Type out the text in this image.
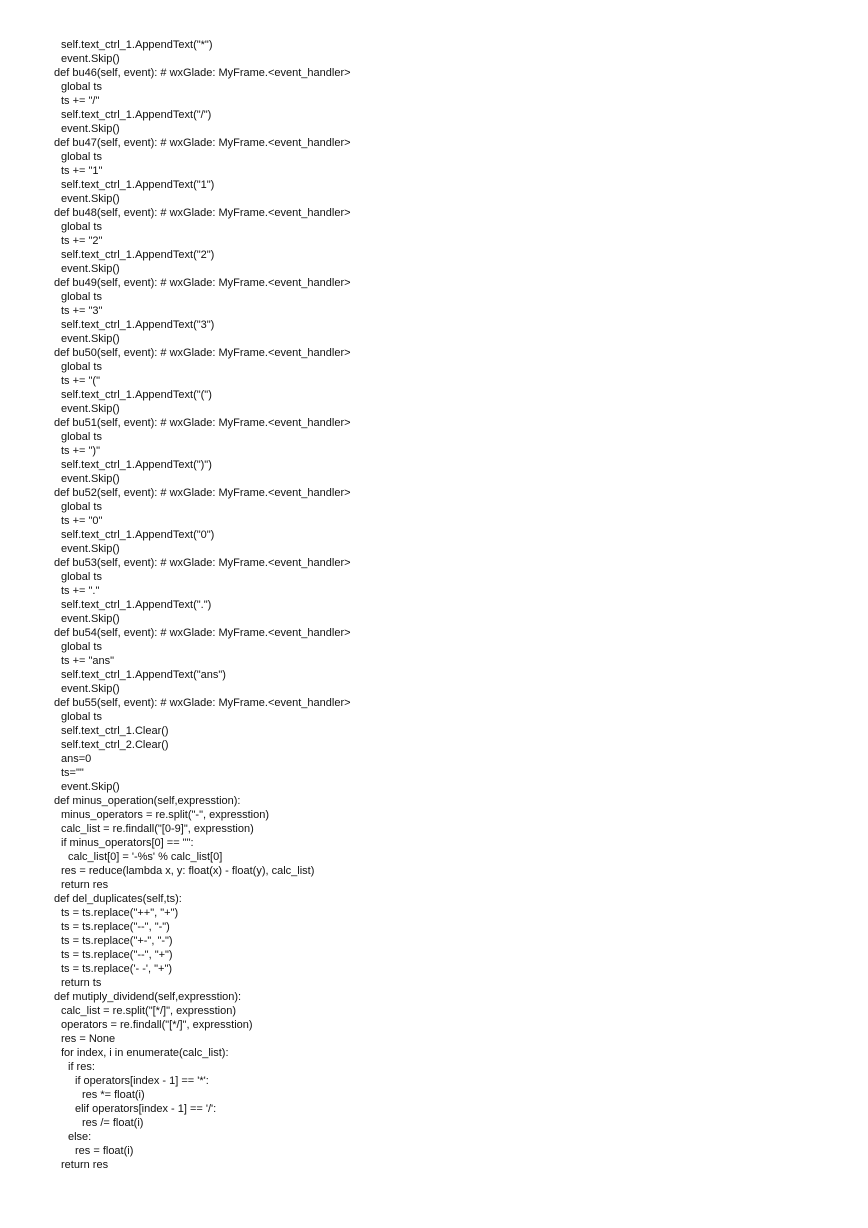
self.text_ctrl_1.AppendText("*")
event.Skip()
def bu46(self, event): # wxGlade: MyFrame.<event_handler>
global ts
ts += "/"
self.text_ctrl_1.AppendText("/")
event.Skip()
def bu47(self, event): # wxGlade: MyFrame.<event_handler>
global ts
ts += "1"
self.text_ctrl_1.AppendText("1")
event.Skip()
def bu48(self, event): # wxGlade: MyFrame.<event_handler>
global ts
ts += "2"
self.text_ctrl_1.AppendText("2")
event.Skip()
def bu49(self, event): # wxGlade: MyFrame.<event_handler>
global ts
ts += "3"
self.text_ctrl_1.AppendText("3")
event.Skip()
def bu50(self, event): # wxGlade: MyFrame.<event_handler>
global ts
ts += "("
self.text_ctrl_1.AppendText("(")
event.Skip()
def bu51(self, event): # wxGlade: MyFrame.<event_handler>
global ts
ts += ")"
self.text_ctrl_1.AppendText(")")
event.Skip()
def bu52(self, event): # wxGlade: MyFrame.<event_handler>
global ts
ts += "0"
self.text_ctrl_1.AppendText("0")
event.Skip()
def bu53(self, event): # wxGlade: MyFrame.<event_handler>
global ts
ts += "."
self.text_ctrl_1.AppendText(".")
event.Skip()
def bu54(self, event): # wxGlade: MyFrame.<event_handler>
global ts
ts += "ans"
self.text_ctrl_1.AppendText("ans")
event.Skip()
def bu55(self, event): # wxGlade: MyFrame.<event_handler>
global ts
self.text_ctrl_1.Clear()
self.text_ctrl_2.Clear()
ans=0
ts=""
event.Skip()
def minus_operation(self,expresstion):
minus_operators = re.split("-", expresstion)
calc_list = re.findall("[0-9]", expresstion)
if minus_operators[0] == "":
calc_list[0] = '-%s' % calc_list[0]
res = reduce(lambda x, y: float(x) - float(y), calc_list)
return res
def del_duplicates(self,ts):
ts = ts.replace("++", "+")
ts = ts.replace("--", "-")
ts = ts.replace("+-", "-")
ts = ts.replace("--", "+")
ts = ts.replace('- -', "+")
return ts
def mutiply_dividend(self,expresstion):
calc_list = re.split("[*/]", expresstion)
operators = re.findall("[*/]", expresstion)
res = None
for index, i in enumerate(calc_list):
if res:
if operators[index - 1] == '*':
res *= float(i)
elif operators[index - 1] == '/':
res /= float(i)
else:
res = float(i)
return res
